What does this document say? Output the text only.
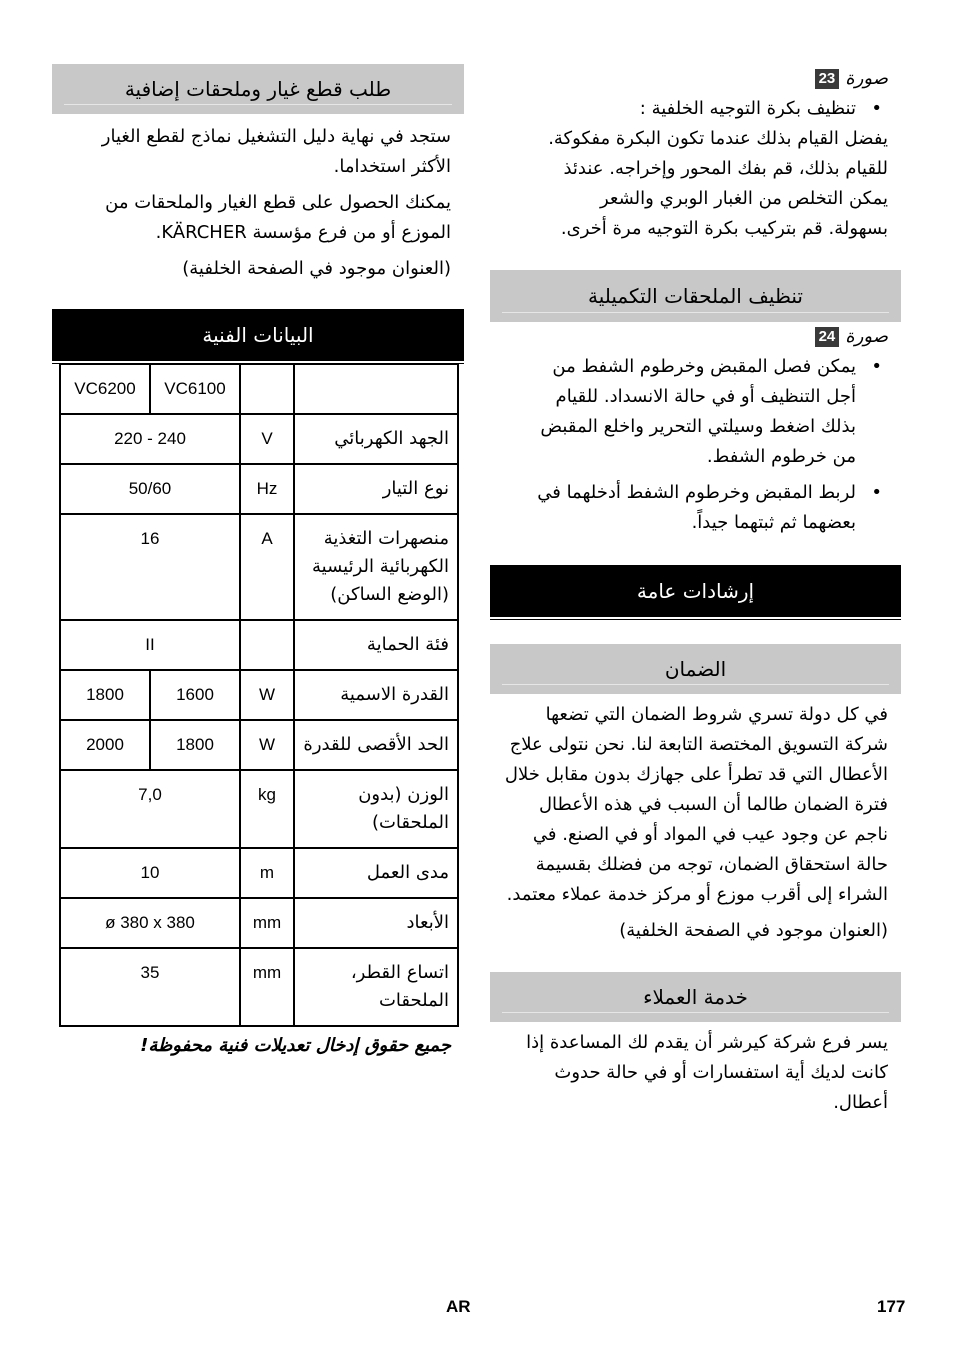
طلب قطع غيار وملحقات إضافية

ستجد في نهاية دليل التشغيل نماذج لقطع الغيار الأكثر استخداما.

يمكنك الحصول على قطع الغيار والملحقات من الموزع أو من فرع مؤسسة KÄRCHER.

(العنوان موجود في الصفحة الخلفية)

البيانات الفنية
		VC6100	VC6200
الجهد الكهربائي	V	220 - 240	
نوع التيار	Hz	50/60	
منصهرات التغذية الكهربائية الرئيسية (الوضع الساكن)	A	16	
فئة الحماية		II	
القدرة الاسمية	W	1600	1800
الحد الأقصى للقدرة	W	1800	2000
الوزن (بدون الملحقات)	kg	7,0	
مدى العمل	m	10	
الأبعاد	mm	ø 380 x 380	
اتساع القطر، الملحقات	mm	35	

جميع حقوق إدخال تعديلات فنية محفوظة!

صورة23
• تنظيف بكرة التوجيه الخلفية :

يفضل القيام بذلك عندما تكون البكرة مفكوكة. للقيام بذلك، قم بفك المحور وإخراجه. عندئذ يمكن التخلص من الغبار الوبري والشعر بسهولة. قم بتركيب بكرة التوجيه مرة أخرى.

تنظيف الملحقات التكميلية
صورة24
• يمكن فصل المقبض وخرطوم الشفط من أجل التنظيف أو في حالة الانسداد. للقيام بذلك اضغط وسيلتي التحرير واخلع المقبض من خرطوم الشفط.
• لربط المقبض وخرطوم الشفط أدخلهما في بعضهما ثم ثبتهما جيداً.
إرشادات عامة
الضمان

في كل دولة تسري شروط الضمان التي تضعها شركة التسويق المختصة التابعة لنا. نحن نتولى علاج الأعطال التي قد تطرأ على جهازك بدون مقابل خلال فترة الضمان طالما أن السبب في هذه الأعطال ناجم عن وجود عيب في المواد أو في الصنع. في حالة استحقاق الضمان، توجه من فضلك بقسيمة الشراء إلى أقرب موزع أو مركز خدمة عملاء معتمد.

(العنوان موجود في الصفحة الخلفية)

خدمة العملاء

يسر فرع شركة كيرشر أن يقدم لك المساعدة إذا كانت لديك أية استفسارات أو في حالة حدوث أعطال.

AR	177
